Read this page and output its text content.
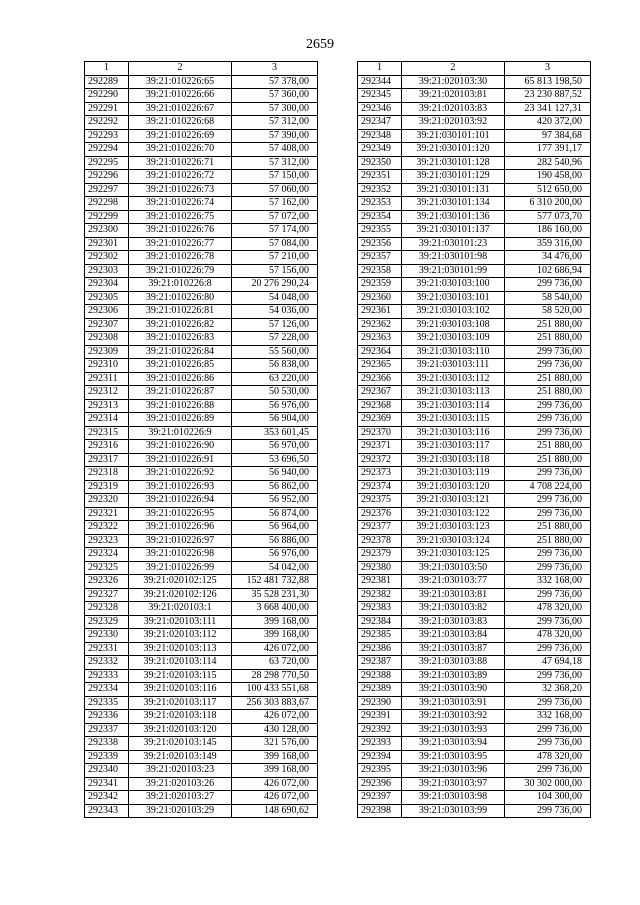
2659
1	2	3
292289	39:21:010226:65	57 378,00
292290	39:21:010226:66	57 360,00
292291	39:21:010226:67	57 300,00
292292	39:21:010226:68	57 312,00
292293	39:21:010226:69	57 390,00
292294	39:21:010226:70	57 408,00
292295	39:21:010226:71	57 312,00
292296	39:21:010226:72	57 150,00
292297	39:21:010226:73	57 060,00
292298	39:21:010226:74	57 162,00
292299	39:21:010226:75	57 072,00
292300	39:21:010226:76	57 174,00
292301	39:21:010226:77	57 084,00
292302	39:21:010226:78	57 210,00
292303	39:21:010226:79	57 156,00
292304	39:21:010226:8	20 276 290,24
292305	39:21:010226:80	54 048,00
292306	39:21:010226:81	54 036,00
292307	39:21:010226:82	57 126,00
292308	39:21:010226:83	57 228,00
292309	39:21:010226:84	55 560,00
292310	39:21:010226:85	56 838,00
292311	39:21:010226:86	63 220,00
292312	39:21:010226:87	50 530,00
292313	39:21:010226:88	56 976,00
292314	39:21:010226:89	56 904,00
292315	39:21:010226:9	353 601,45
292316	39:21:010226:90	56 970,00
292317	39:21:010226:91	53 696,50
292318	39:21:010226:92	56 940,00
292319	39:21:010226:93	56 862,00
292320	39:21:010226:94	56 952,00
292321	39:21:010226:95	56 874,00
292322	39:21:010226:96	56 964,00
292323	39:21:010226:97	56 886,00
292324	39:21:010226:98	56 976,00
292325	39:21:010226:99	54 042,00
292326	39:21:020102:125	152 481 732,88
292327	39:21:020102:126	35 528 231,30
292328	39:21:020103:1	3 668 400,00
292329	39:21:020103:111	399 168,00
292330	39:21:020103:112	399 168,00
292331	39:21:020103:113	426 072,00
292332	39:21:020103:114	63 720,00
292333	39:21:020103:115	28 298 770,50
292334	39:21:020103:116	100 433 551,68
292335	39:21:020103:117	256 303 883,67
292336	39:21:020103:118	426 072,00
292337	39:21:020103:120	430 128,00
292338	39:21:020103:145	321 576,00
292339	39:21:020103:149	399 168,00
292340	39:21:020103:23	399 168,00
292341	39:21:020103:26	426 072,00
292342	39:21:020103:27	426 072,00
292343	39:21:020103:29	148 690,62
1	2	3
292344	39:21:020103:30	65 813 198,50
292345	39:21:020103:81	23 230 887,52
292346	39:21:020103:83	23 341 127,31
292347	39:21:020103:92	420 372,00
292348	39:21:030101:101	97 384,68
292349	39:21:030101:120	177 391,17
292350	39:21:030101:128	282 540,96
292351	39:21:030101:129	190 458,00
292352	39:21:030101:131	512 650,00
292353	39:21:030101:134	6 310 200,00
292354	39:21:030101:136	577 073,70
292355	39:21:030101:137	186 160,00
292356	39:21:030101:23	359 316,00
292357	39:21:030101:98	34 476,00
292358	39:21:030101:99	102 686,94
292359	39:21:030103:100	299 736,00
292360	39:21:030103:101	58 540,00
292361	39:21:030103:102	58 520,00
292362	39:21:030103:108	251 880,00
292363	39:21:030103:109	251 880,00
292364	39:21:030103:110	299 736,00
292365	39:21:030103:111	299 736,00
292366	39:21:030103:112	251 880,00
292367	39:21:030103:113	251 880,00
292368	39:21:030103:114	299 736,00
292369	39:21:030103:115	299 736,00
292370	39:21:030103:116	299 736,00
292371	39:21:030103:117	251 880,00
292372	39:21:030103:118	251 880,00
292373	39:21:030103:119	299 736,00
292374	39:21:030103:120	4 708 224,00
292375	39:21:030103:121	299 736,00
292376	39:21:030103:122	299 736,00
292377	39:21:030103:123	251 880,00
292378	39:21:030103:124	251 880,00
292379	39:21:030103:125	299 736,00
292380	39:21:030103:50	299 736,00
292381	39:21:030103:77	332 168,00
292382	39:21:030103:81	299 736,00
292383	39:21:030103:82	478 320,00
292384	39:21:030103:83	299 736,00
292385	39:21:030103:84	478 320,00
292386	39:21:030103:87	299 736,00
292387	39:21:030103:88	47 694,18
292388	39:21:030103:89	299 736,00
292389	39:21:030103:90	32 368,20
292390	39:21:030103:91	299 736,00
292391	39:21:030103:92	332 168,00
292392	39:21:030103:93	299 736,00
292393	39:21:030103:94	299 736,00
292394	39:21:030103:95	478 320,00
292395	39:21:030103:96	299 736,00
292396	39:21:030103:97	30 302 000,00
292397	39:21:030103:98	104 300,00
292398	39:21:030103:99	299 736,00
